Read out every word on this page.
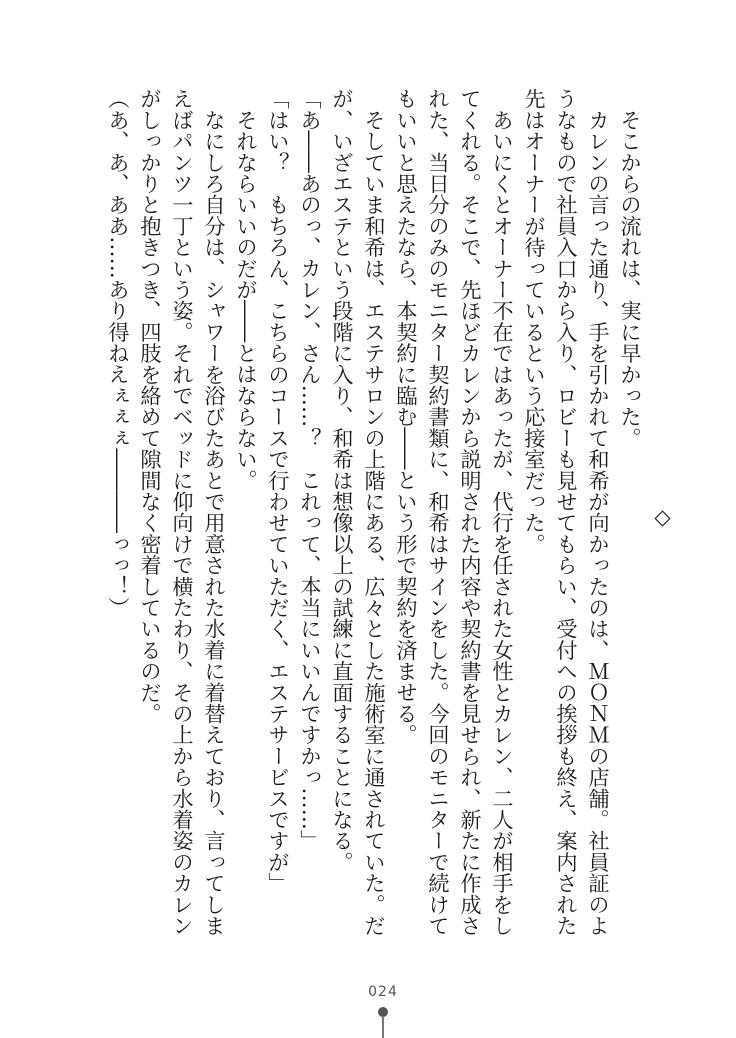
◇
　そこからの流れは、実に早かった。
　カレンの言った通り、手を引かれて和希が向かったのは、ＭＯＮＭの店舗。社員証のよ
うなもので社員入口から入り、ロビーも見せてもらい、受付への挨拶も終え、案内された
先はオーナーが待っているという応接室だった。
　あいにくとオーナー不在ではあったが、代行を任された女性とカレン、二人が相手をし
てくれる。そこで、先ほどカレンから説明された内容や契約書を見せられ、新たに作成さ
れた、当日分のみのモニター契約書類に、和希はサインをした。今回のモニターで続けて
もいいと思えたなら、本契約に臨む――という形で契約を済ませる。
　そしていま和希は、エステサロンの上階にある、広々とした施術室に通されていた。だ
が、いざエステという段階に入り、和希は想像以上の試練に直面することになる。
「あ――あのっ、カレン、さん……？　これって、本当にいいんですかっ……」
「はい？　もちろん、こちらのコースで行わせていただく、エステサービスですが」
　それならいいのだが――とはならない。
　なにしろ自分は、シャワーを浴びたあとで用意された水着に着替えており、言ってしま
えばパンツ一丁という姿。それでベッドに仰向けで横たわり、その上から水着姿のカレン
がしっかりと抱きつき、四肢を絡めて隙間なく密着しているのだ。
（あ、あ、ああ……あり得ねえぇぇぇ――――っっ！）
024
